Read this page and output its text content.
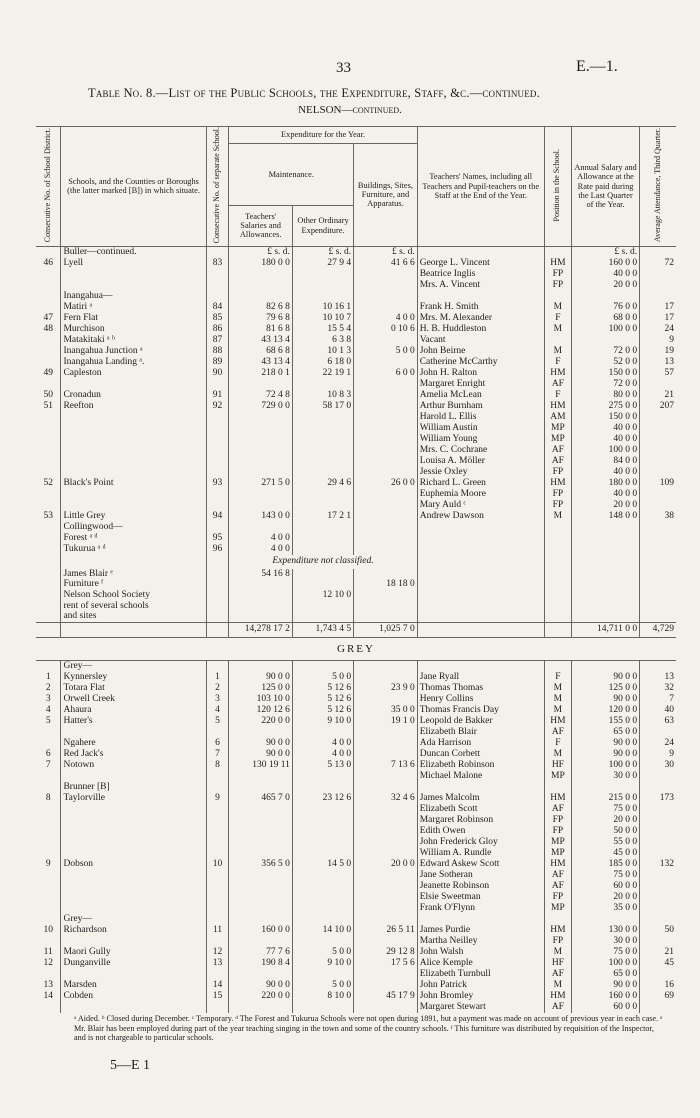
33	E.—1.
Table No. 8.—List of the Public Schools, the Expenditure, Staff, &c.—continued.
NELSON—continued.
Consecutive No. of School District.	Schools, and the Counties or Boroughs (the latter marked [B]) in which situate.	Consecutive No. of separate School.	Expenditure for the Year.			Teachers' Names, including all Teachers and Pupil-teachers on the Staff at the End of the Year.	Position in the School.	Annual Salary and Allowance at the Rate paid during the Last Quarter of the Year.	Average Attendance, Third Quarter.
			Maintenance.		Buildings, Sites, Furniture, and Apparatus.				
			Teachers' Salaries and Allowances.	Other Ordinary Expenditure.					
	Buller—continued.		£ s. d.	£ s. d.	£ s. d.			£ s. d.	
46	Lyell	83	180 0 0	27 9 4	41 6 6	George L. Vincent	HM	160 0 0	72
						Beatrice Inglis	FP	40 0 0	
						Mrs. A. Vincent	FP	20 0 0	
	Inangahua—								
	Matiri ᵃ	84	82 6 8	10 16 1		Frank H. Smith	M	76 0 0	17
47	Fern Flat	85	79 6 8	10 10 7	4 0 0	Mrs. M. Alexander	F	68 0 0	17
48	Murchison	86	81 6 8	15 5 4	0 10 6	H. B. Huddleston	M	100 0 0	24
	Matakitaki ᵃ ᵇ	87	43 13 4	6 3 8		Vacant			9
	Inangahua Junction ᵃ	88	68 6 8	10 1 3	5 0 0	John Beirne	M	72 0 0	19
	Inangahua Landing ᵃ.	89	43 13 4	6 18 0		Catherine McCarthy	F	52 0 0	13
49	Capleston	90	218 0 1	22 19 1	6 0 0	John H. Ralton	HM	150 0 0	57
						Margaret Enright	AF	72 0 0	
50	Cronadun	91	72 4 8	10 8 3		Amelia McLean	F	80 0 0	21
51	Reefton	92	729 0 0	58 17 0		Arthur Burnham	HM	275 0 0	207
						Harold L. Ellis	AM	150 0 0	
						William Austin	MP	40 0 0	
						William Young	MP	40 0 0	
						Mrs. C. Cochrane	AF	100 0 0	
						Louisa A. Möller	AF	84 0 0	
						Jessie Oxley	FP	40 0 0	
52	Black's Point	93	271 5 0	29 4 6	26 0 0	Richard L. Green	HM	180 0 0	109
						Euphemia Moore	FP	40 0 0	
						Mary Auld ᶜ	FP	20 0 0	
53	Little Grey	94	143 0 0	17 2 1		Andrew Dawson	M	148 0 0	38
	Collingwood—								
	Forest ᵃ ᵈ	95	4 0 0						
	Tukurua ᵃ ᵈ	96	4 0 0						
			Expenditure not classified.						
	James Blair ᵉ		54 16 8						
	Furniture ᶠ				18 18 0				
	Nelson School Society			12 10 0					
	rent of several schools								
	and sites								
			14,278 17 2	1,743 4 5	1,025 7 0			14,711 0 0	4,729
GREY									
	Grey—								
1	Kynnersley	1	90 0 0	5 0 0		Jane Ryall	F	90 0 0	13
2	Totara Flat	2	125 0 0	5 12 6	23 9 0	Thomas Thomas	M	125 0 0	32
3	Orwell Creek	3	103 10 0	5 12 6		Henry Collins	M	90 0 0	7
4	Ahaura	4	120 12 6	5 12 6	35 0 0	Thomas Francis Day	M	120 0 0	40
5	Hatter's	5	220 0 0	9 10 0	19 1 0	Leopold de Bakker	HM	155 0 0	63
						Elizabeth Blair	AF	65 0 0	
	Ngahere	6	90 0 0	4 0 0		Ada Harrison	F	90 0 0	24
6	Red Jack's	7	90 0 0	4 0 0		Duncan Corbett	M	90 0 0	9
7	Notown	8	130 19 11	5 13 0	7 13 6	Elizabeth Robinson	HF	100 0 0	30
						Michael Malone	MP	30 0 0	
	Brunner [B]								
8	Taylorville	9	465 7 0	23 12 6	32 4 6	James Malcolm	HM	215 0 0	173
						Elizabeth Scott	AF	75 0 0	
						Margaret Robinson	FP	20 0 0	
						Edith Owen	FP	50 0 0	
						John Frederick Gloy	MP	55 0 0	
						William A. Rundle	MP	45 0 0	
9	Dobson	10	356 5 0	14 5 0	20 0 0	Edward Askew Scott	HM	185 0 0	132
						Jane Sotheran	AF	75 0 0	
						Jeanette Robinson	AF	60 0 0	
						Elsie Sweetman	FP	20 0 0	
						Frank O'Flynn	MP	35 0 0	
	Grey—								
10	Richardson	11	160 0 0	14 10 0	26 5 11	James Purdie	HM	130 0 0	50
						Martha Neilley	FP	30 0 0	
11	Maori Gully	12	77 7 6	5 0 0	29 12 8	John Walsh	M	75 0 0	21
12	Dunganville	13	190 8 4	9 10 0	17 5 6	Alice Kemple	HF	100 0 0	45
						Elizabeth Turnbull	AF	65 0 0	
13	Marsden	14	90 0 0	5 0 0		John Patrick	M	90 0 0	16
14	Cobden	15	220 0 0	8 10 0	45 17 9	John Bromley	HM	160 0 0	69
						Margaret Stewart	AF	60 0 0	
ᵃ Aided. ᵇ Closed during December. ᶜ Temporary. ᵈ The Forest and Tukurua Schools were not open during 1891, but a payment was made on account of previous year in each case. ᵉ Mr. Blair has been employed during part of the year teaching singing in the town and some of the country schools. ᶠ This furniture was distributed by requisition of the Inspector, and is not chargeable to particular schools.
5—E 1
